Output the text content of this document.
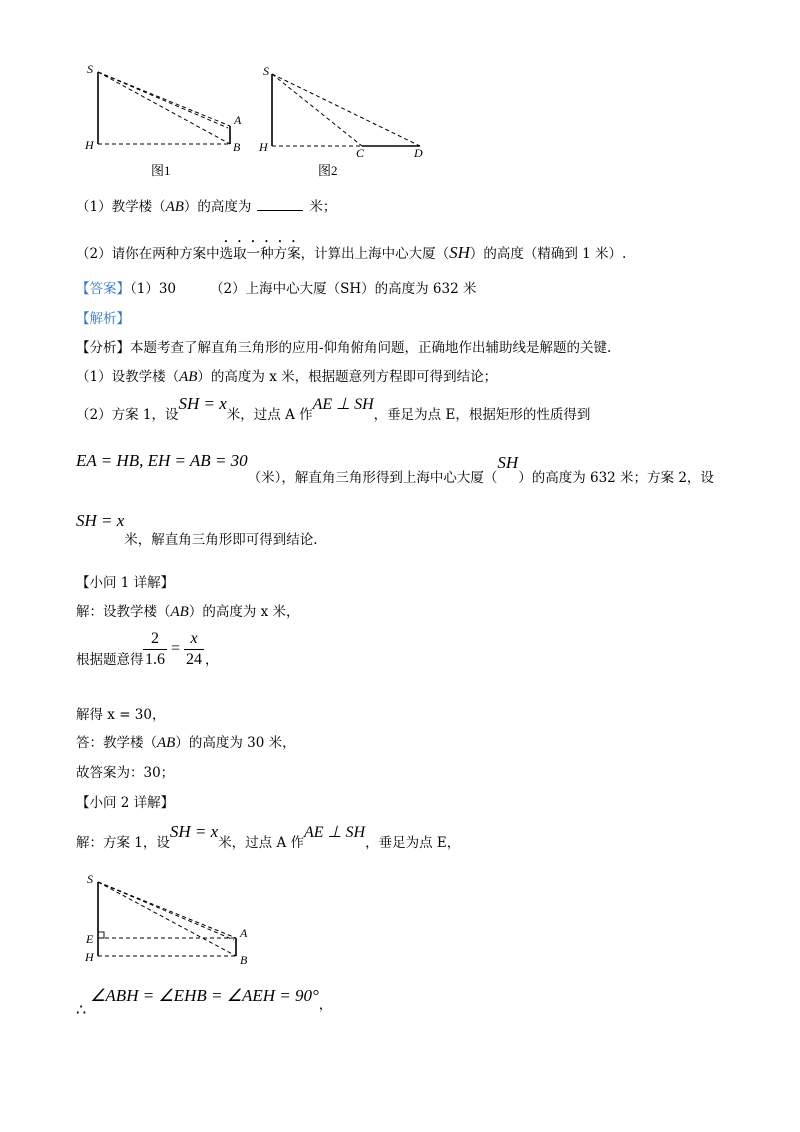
S
A
H	B
图1
S
H	C	D
图2
（1）教学楼（AB）的高度为	米；
（2）请你在两种方案中选取一种方案，计算出上海中心大厦（SH）的高度（精确到 1 米）.
【答案】（1）30	（2）上海中心大厦（SH）的高度为 632 米
【解析】
【分析】本题考查了解直角三角形的应用-仰角俯角问题，正确地作出辅助线是解题的关键.
（1）设教学楼（AB）的高度为 x 米，根据题意列方程即可得到结论；
（2）方案 1，设SH = x米，过点 A 作AE ⊥ SH，垂足为点 E，根据矩形的性质得到
EA = HB, EH = AB = 30（米），解直角三角形得到上海中心大厦（SH）的高度为 632 米；方案 2，设
SH = x米，解直角三角形即可得到结论.
【小问 1 详解】
解：设教学楼（AB）的高度为 x 米，
根据题意得
2
1.6
=
x
24 ，
解得 x = 30，
答：教学楼（AB）的高度为 30 米，
故答案为：30；
【小问 2 详解】
解：方案 1，设SH = x米，过点 A 作AE ⊥ SH，垂足为点 E，
S
E	A
H	B
∴∠ABH = ∠EHB = ∠AEH = $90^\circ_,$
